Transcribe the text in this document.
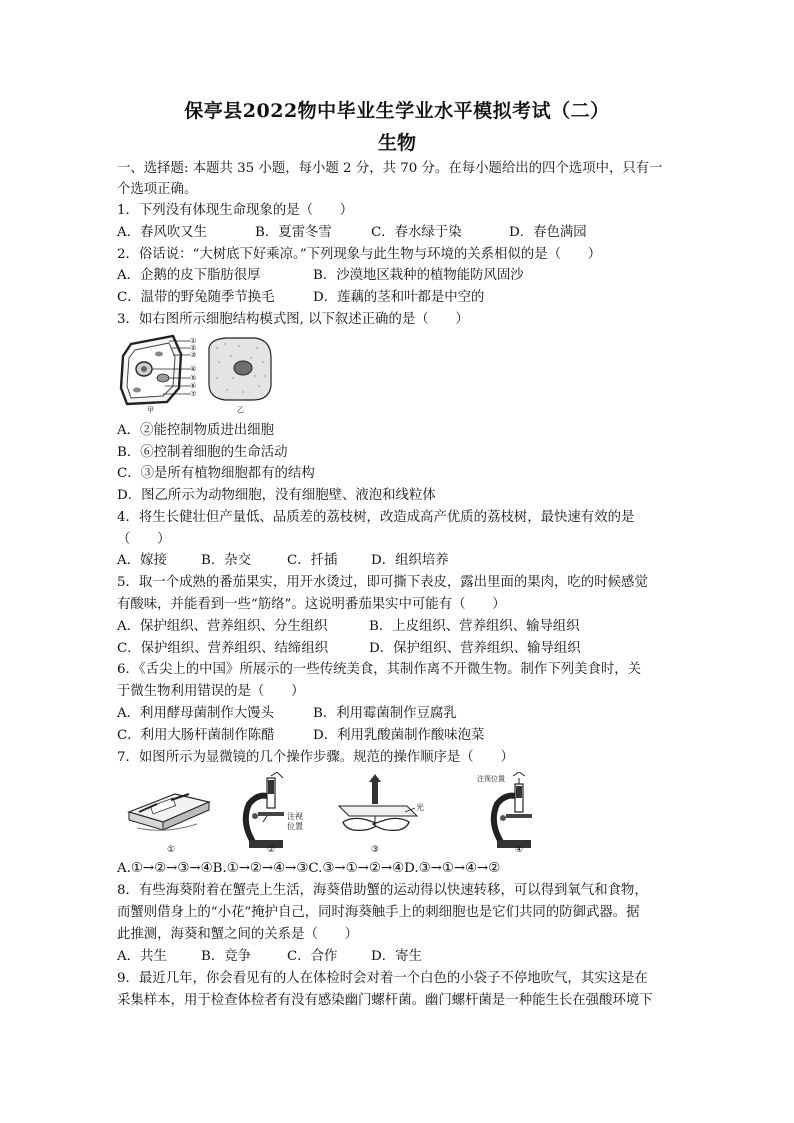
保亭县2022物中毕业生学业水平模拟考试（二）
生物
一、选择题: 本题共 35 小题，每小题 2 分，共 70 分。在每小题给出的四个选项中，只有一
个选项正确。
1．下列没有体现生命现象的是（　　）
A．春风吹又生	B．夏雷冬雪	C．春水绿于染	D．春色满园
2．俗话说：“大树底下好乘凉。”下列现象与此生物与环境的关系相似的是（　　）
A．企鹅的皮下脂肪很厚	B．沙漠地区栽种的植物能防风固沙
C．温带的野兔随季节换毛	D．莲藕的茎和叶都是中空的
3．如右图所示细胞结构模式图, 以下叙述正确的是（　　）
①
②
③
④
⑤
⑥
⑦
甲	乙
A．②能控制物质进出细胞
B．⑥控制着细胞的生命活动
C．③是所有植物细胞都有的结构
D．图乙所示为动物细胞，没有细胞壁、液泡和线粒体
4．将生长健壮但产量低、品质差的荔枝树，改造成高产优质的荔枝树，最快速有效的是
（　　）
A．嫁接	B．杂交	C．扦插	D．组织培养
5．取一个成熟的番茄果实，用开水烫过，即可撕下表皮，露出里面的果肉，吃的时候感觉
有酸味，并能看到一些“筋络”。这说明番茄果实中可能有（　　）
A．保护组织、营养组织、分生组织	B．上皮组织、营养组织、输导组织
C．保护组织、营养组织、结缔组织	D．保护组织、营养组织、输导组织
6．《舌尖上的中国》所展示的一些传统美食，其制作离不开微生物。制作下列美食时，关
于微生物利用错误的是（　　）
A．利用酵母菌制作大馒头	B．利用霉菌制作豆腐乳
C．利用大肠杆菌制作陈醋	D．利用乳酸菌制作酸味泡菜
7．如图所示为显微镜的几个操作步骤。规范的操作顺序是（　　）
①
注视
位置
②
光
③
注视位置
④
A.①→②→③→④B.①→②→④→③C.③→①→②→④D.③→①→④→②
8．有些海葵附着在蟹壳上生活，海葵借助蟹的运动得以快速转移，可以得到氧气和食物，
而蟹则借身上的“小花”掩护自己，同时海葵触手上的刺细胞也是它们共同的防御武器。据
此推测，海葵和蟹之间的关系是（　　）
A．共生	B．竞争	C．合作	D．寄生
9．最近几年，你会看见有的人在体检时会对着一个白色的小袋子不停地吹气，其实这是在
采集样本，用于检查体检者有没有感染幽门螺杆菌。幽门螺杆菌是一种能生长在强酸环境下
